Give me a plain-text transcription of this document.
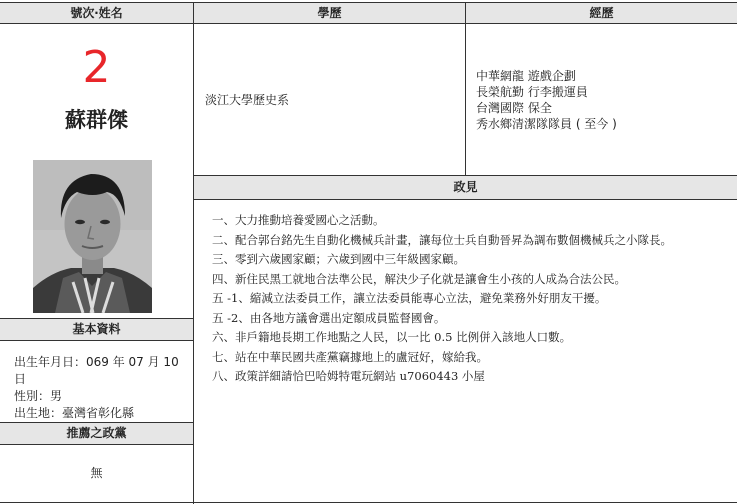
號次‧姓名	學歷	經歷
2
蘇群傑
基本資料
出生年月日：069 年 07 月 10 日
性別：男
出生地：臺灣省彰化縣
推薦之政黨
無
淡江大學歷史系
中華網龍 遊戲企劃
長榮航勤 行李搬運員
台灣國際 保全
秀水鄉清潔隊隊員 ( 至今 )
政見
一、大力推動培養愛國心之活動。
二、配合郭台銘先生自動化機械兵計畫，讓每位士兵自動晉昇為調布數個機械兵之小隊長。
三、零到六歲國家顧；六歲到國中三年級國家顧。
四、新住民黑工就地合法準公民，解決少子化就是讓會生小孩的人成為合法公民。
五 -1、縮減立法委員工作，讓立法委員能專心立法，避免業務外好朋友干擾。
五 -2、由各地方議會選出定額成員監督國會。
六、非戶籍地長期工作地點之人民，以一比 0.5 比例併入該地人口數。
七、站在中華民國共產黨竊據地上的盧冠好，嫁給我。
八、政策詳細請恰巴哈姆特電玩網站 u7060443 小屋
